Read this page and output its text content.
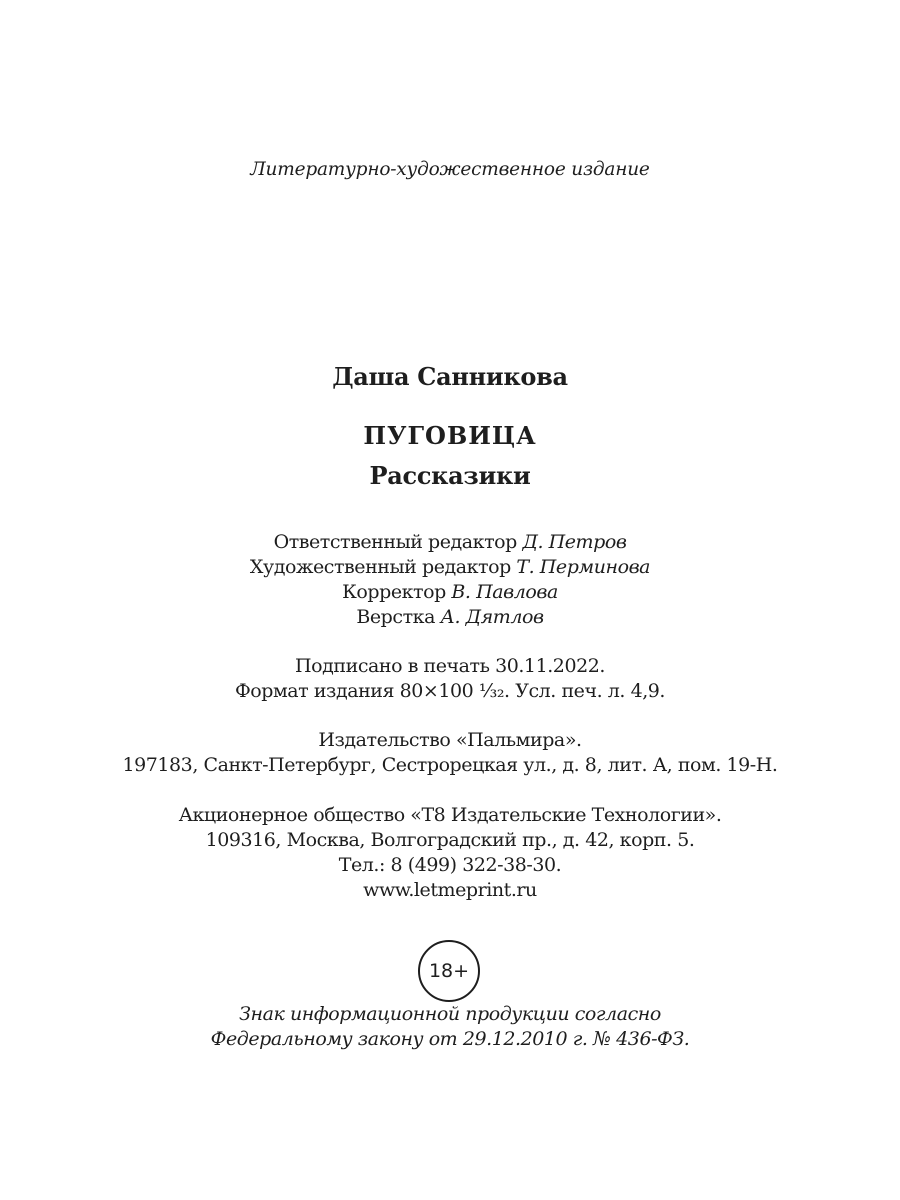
Литературно-художественное издание
Даша Санникова
ПУГОВИЦА
Рассказики
Ответственный редактор Д. Петров
Художественный редактор Т. Перминова
Корректор В. Павлова
Верстка А. Дятлов
Подписано в печать 30.11.2022.
Формат издания 80×100 ⅓₂. Усл. печ. л. 4,9.
Издательство «Пальмира».
197183, Санкт-Петербург, Сестрорецкая ул., д. 8, лит. А, пом. 19-Н.
Акционерное общество «Т8 Издательские Технологии».
109316, Москва, Волгоградский пр., д. 42, корп. 5.
Тел.: 8 (499) 322-38-30.
www.letmeprint.ru
18+
Знак информационной продукции согласно
Федеральному закону от 29.12.2010 г. № 436-ФЗ.
